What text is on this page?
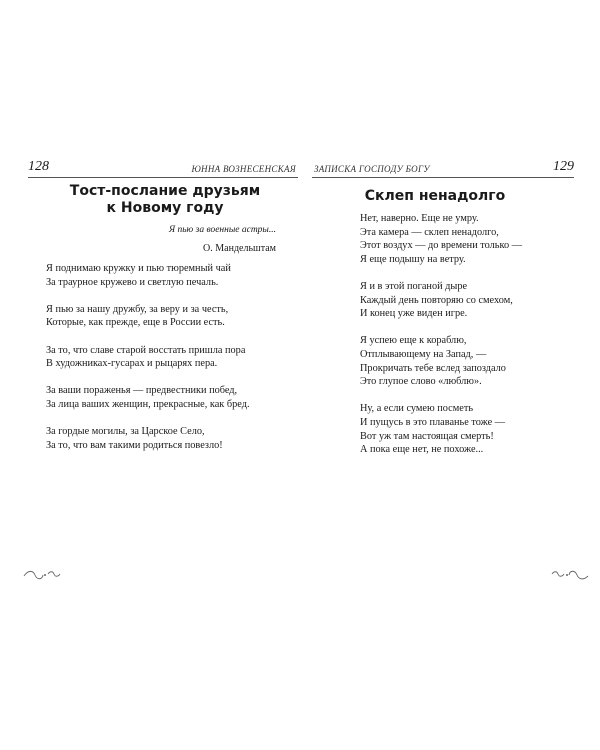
128	ЮННА ВОЗНЕСЕНСКАЯ
Тост-послание друзьям
к Новому году
Я пью за военные астры...
О. Мандельштам
Я поднимаю кружку и пью тюремный чай
За траурное кружево и светлую печаль.
Я пью за нашу дружбу, за веру и за честь,
Которые, как прежде, еще в России есть.
За то, что славе старой восстать пришла пора
В художниках-гусарах и рыцарях пера.
За ваши пораженья — предвестники побед,
За лица ваших женщин, прекрасные, как бред.
За гордые могилы, за Царское Село,
За то, что вам такими родиться повезло!
ЗАПИСКА ГОСПОДУ БОГУ	129
Склеп ненадолго
Нет, наверно. Еще не умру.
Эта камера — склеп ненадолго,
Этот воздух — до времени только —
Я еще подышу на ветру.
Я и в этой поганой дыре
Каждый день повторяю со смехом,
И конец уже виден игре.
Я успею еще к кораблю,
Отплывающему на Запад, —
Прокричать тебе вслед запоздало
Это глупое слово «люблю».
Ну, а если сумею посметь
И пущусь в это плаванье тоже —
Вот уж там настоящая смерть!
А пока еще нет, не похоже...
